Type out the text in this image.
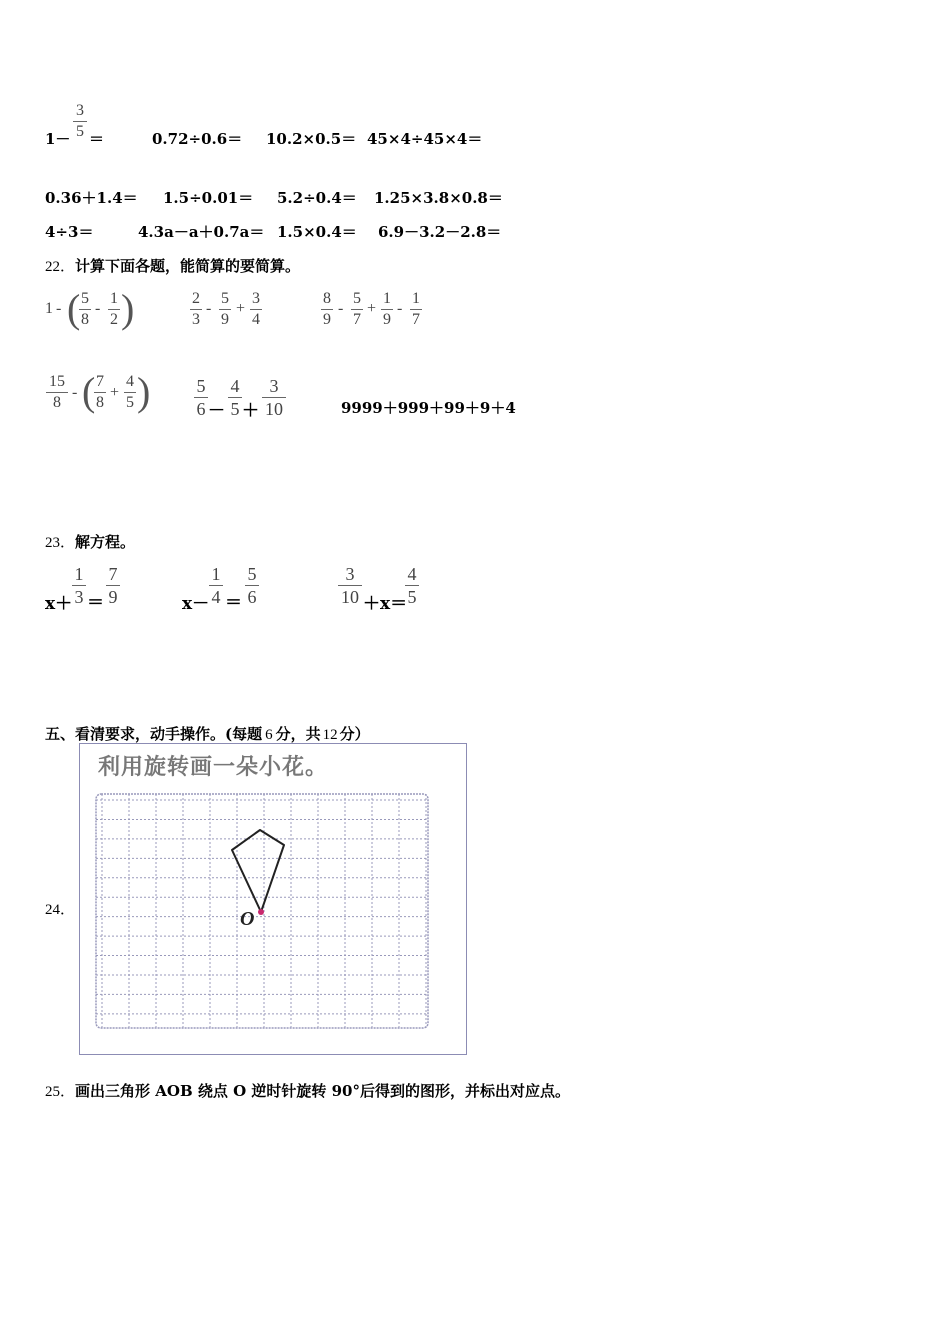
1－
3
5 ＝	0.72÷0.6＝ 10.2×0.5＝ 45×4÷45×4＝
0.36＋1.4＝ 1.5÷0.01＝ 5.2÷0.4＝ 1.25×3.8×0.8＝
4÷3＝	4.3a－a＋0.7a＝ 1.5×0.4＝ 6.9－3.2－2.8＝
22．计算下面各题，能简算的要简算。
1 - ( 5
8
-
1
2 )	2
3
-
5
9
+
3
4
8
9
-
5
7
+
1
9
-
1
7
15
8
- ( 7
8
+
4
5 )	5
6 －
4
5 ＋
3
10	9999＋999＋99＋9＋4
23．解方程。
x＋
1
3 ＝
7
9	x－
1
4 ＝
5
6
3
10 ＋x＝
4
5
五、看清要求，动手操作。(每题 6 分，共 12 分）
24．
利用旋转画一朵小花。
O
25．画出三角形 AOB 绕点 O 逆时针旋转 90°后得到的图形，并标出对应点。
